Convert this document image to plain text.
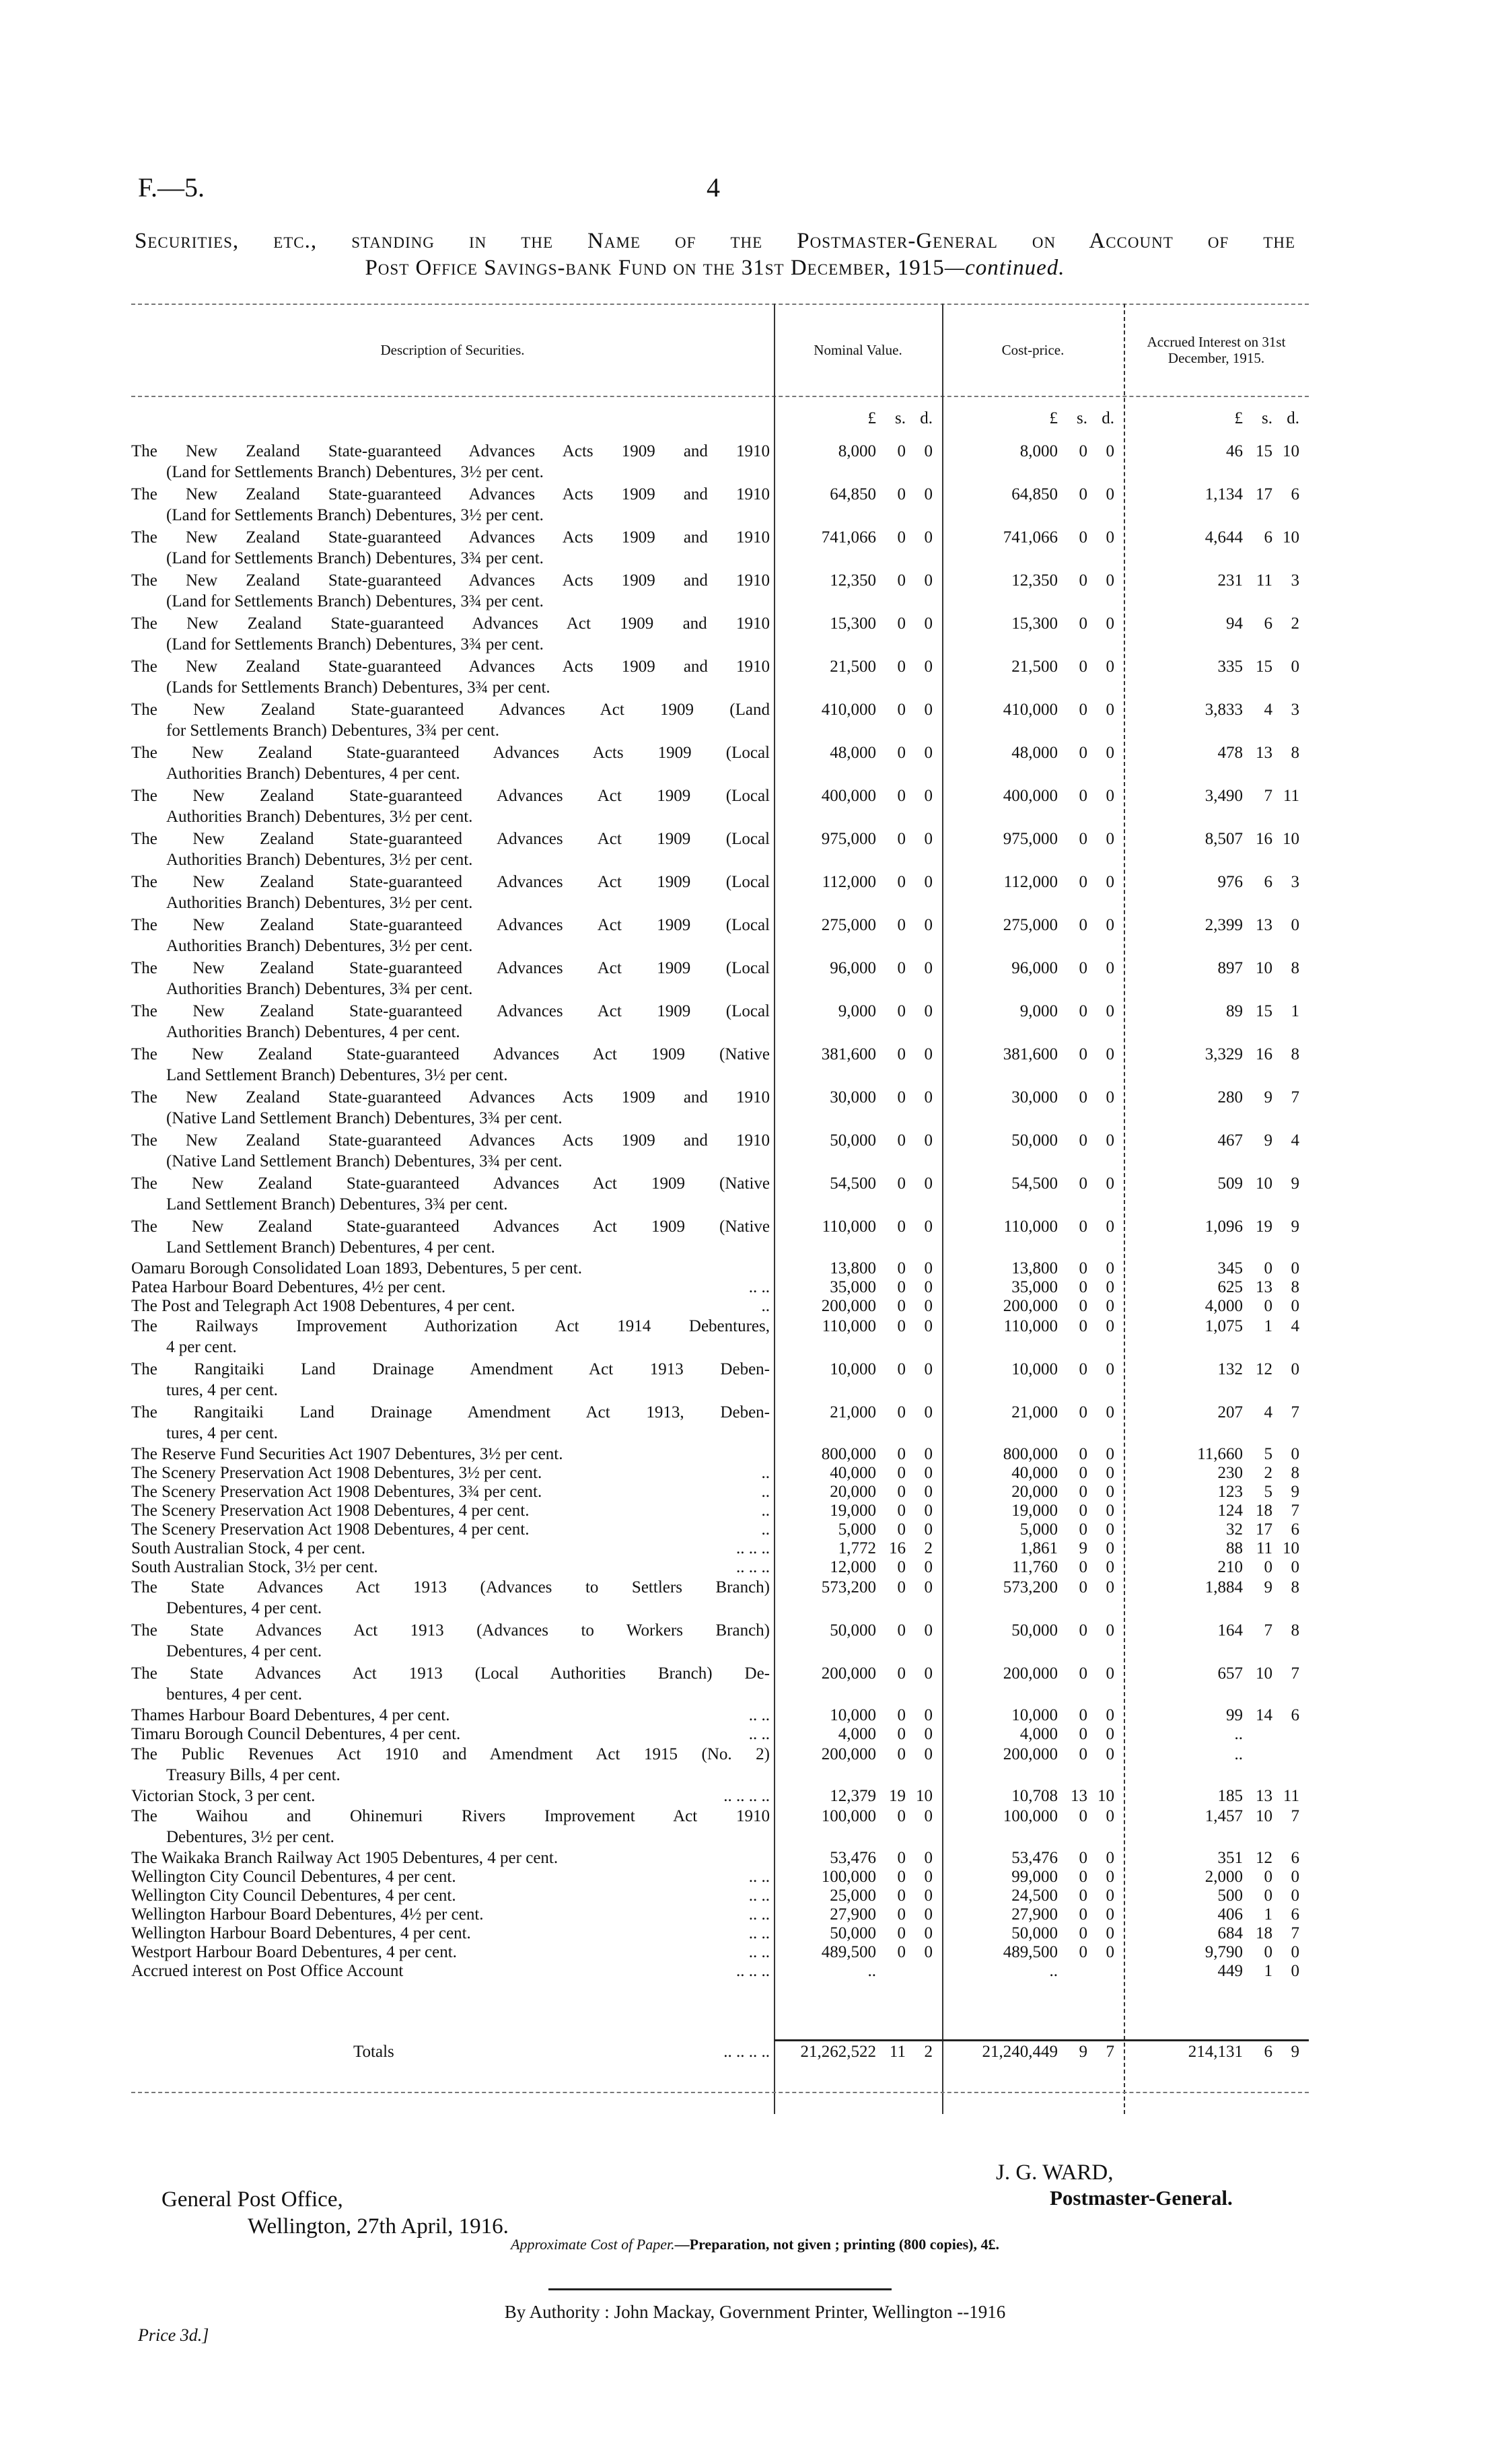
F.—5.	4
Securities, etc., standing in the Name of the Postmaster-General on Account of the
Post Office Savings-bank Fund on the 31st December, 1915—continued.
Description of Securities.	Nominal Value.	Cost-price.	Accrued Interest on 31st December, 1915.
£	s. d.	£	s. d.	£	s. d.
The New Zealand State-guaranteed Advances Acts 1909 and 1910
(Land for Settlements Branch) Debentures, 3½ per cent.
8,000	0	0	8,000	0	0	46 15 10
The New Zealand State-guaranteed Advances Acts 1909 and 1910
(Land for Settlements Branch) Debentures, 3½ per cent.
64,850	0	0	64,850	0	0	1,134 17	6
The New Zealand State-guaranteed Advances Acts 1909 and 1910
(Land for Settlements Branch) Debentures, 3¾ per cent.
741,066	0	0	741,066	0	0	4,644	6 10
The New Zealand State-guaranteed Advances Acts 1909 and 1910
(Land for Settlements Branch) Debentures, 3¾ per cent.
12,350	0	0	12,350	0	0	231 11	3
The New Zealand State-guaranteed Advances Act 1909 and 1910
(Land for Settlements Branch) Debentures, 3¾ per cent.
15,300	0	0	15,300	0	0	94	6	2
The New Zealand State-guaranteed Advances Acts 1909 and 1910
(Lands for Settlements Branch) Debentures, 3¾ per cent.
21,500	0	0	21,500	0	0	335 15	0
The New Zealand State-guaranteed Advances Act 1909 (Land
for Settlements Branch) Debentures, 3¾ per cent.
410,000	0	0	410,000	0	0	3,833	4	3
The New Zealand State-guaranteed Advances Acts 1909 (Local
Authorities Branch) Debentures, 4 per cent.
48,000	0	0	48,000	0	0	478 13	8
The New Zealand State-guaranteed Advances Act 1909 (Local
Authorities Branch) Debentures, 3½ per cent.
400,000	0	0	400,000	0	0	3,490	7 11
The New Zealand State-guaranteed Advances Act 1909 (Local
Authorities Branch) Debentures, 3½ per cent.
975,000	0	0	975,000	0	0	8,507 16 10
The New Zealand State-guaranteed Advances Act 1909 (Local
Authorities Branch) Debentures, 3½ per cent.
112,000	0	0	112,000	0	0	976	6	3
The New Zealand State-guaranteed Advances Act 1909 (Local
Authorities Branch) Debentures, 3½ per cent.
275,000	0	0	275,000	0	0	2,399 13	0
The New Zealand State-guaranteed Advances Act 1909 (Local
Authorities Branch) Debentures, 3¾ per cent.
96,000	0	0	96,000	0	0	897 10	8
The New Zealand State-guaranteed Advances Act 1909 (Local
Authorities Branch) Debentures, 4 per cent.
9,000	0	0	9,000	0	0	89 15	1
The New Zealand State-guaranteed Advances Act 1909 (Native
Land Settlement Branch) Debentures, 3½ per cent.
381,600	0	0	381,600	0	0	3,329 16	8
The New Zealand State-guaranteed Advances Acts 1909 and 1910
(Native Land Settlement Branch) Debentures, 3¾ per cent.
30,000	0	0	30,000	0	0	280	9	7
The New Zealand State-guaranteed Advances Acts 1909 and 1910
(Native Land Settlement Branch) Debentures, 3¾ per cent.
50,000	0	0	50,000	0	0	467	9	4
The New Zealand State-guaranteed Advances Act 1909 (Native
Land Settlement Branch) Debentures, 3¾ per cent.
54,500	0	0	54,500	0	0	509 10	9
The New Zealand State-guaranteed Advances Act 1909 (Native
Land Settlement Branch) Debentures, 4 per cent.
110,000	0	0	110,000	0	0	1,096 19	9
Oamaru Borough Consolidated Loan 1893, Debentures, 5 per cent.	13,800	0	0	13,800	0	0	345	0	0
Patea Harbour Board Debentures, 4½ per cent.	.. ..	35,000	0	0	35,000	0	0	625 13	8
The Post and Telegraph Act 1908 Debentures, 4 per cent.	..	200,000	0	0	200,000	0	0	4,000	0	0
The Railways Improvement Authorization Act 1914 Debentures,
4 per cent.
110,000	0	0	110,000	0	0	1,075	1	4
The Rangitaiki Land Drainage Amendment Act 1913 Deben-
tures, 4 per cent.
10,000	0	0	10,000	0	0	132 12	0
The Rangitaiki Land Drainage Amendment Act 1913, Deben-
tures, 4 per cent.
21,000	0	0	21,000	0	0	207	4	7
The Reserve Fund Securities Act 1907 Debentures, 3½ per cent.	800,000	0	0	800,000	0	0	11,660	5	0
The Scenery Preservation Act 1908 Debentures, 3½ per cent.	..	40,000	0	0	40,000	0	0	230	2	8
The Scenery Preservation Act 1908 Debentures, 3¾ per cent.	..	20,000	0	0	20,000	0	0	123	5	9
The Scenery Preservation Act 1908 Debentures, 4 per cent.	..	19,000	0	0	19,000	0	0	124 18	7
The Scenery Preservation Act 1908 Debentures, 4 per cent.	..	5,000	0	0	5,000	0	0	32 17	6
South Australian Stock, 4 per cent.	.. .. ..	1,772 16	2	1,861	9	0	88 11 10
South Australian Stock, 3½ per cent.	.. .. ..	12,000	0	0	11,760	0	0	210	0	0
The State Advances Act 1913 (Advances to Settlers Branch)
Debentures, 4 per cent.
573,200	0	0	573,200	0	0	1,884	9	8
The State Advances Act 1913 (Advances to Workers Branch)
Debentures, 4 per cent.
50,000	0	0	50,000	0	0	164	7	8
The State Advances Act 1913 (Local Authorities Branch) De-
bentures, 4 per cent.
200,000	0	0	200,000	0	0	657 10	7
Thames Harbour Board Debentures, 4 per cent.	.. ..	10,000	0	0	10,000	0	0	99 14	6
Timaru Borough Council Debentures, 4 per cent.	.. ..	4,000	0	0	4,000	0	0	..
The Public Revenues Act 1910 and Amendment Act 1915 (No. 2)
Treasury Bills, 4 per cent.
200,000	0	0	200,000	0	0	..
Victorian Stock, 3 per cent.	.. .. .. ..	12,379 19 10	10,708 13 10	185 13 11
The Waihou and Ohinemuri Rivers Improvement Act 1910
Debentures, 3½ per cent.
100,000	0	0	100,000	0	0	1,457 10	7
The Waikaka Branch Railway Act 1905 Debentures, 4 per cent.	53,476	0	0	53,476	0	0	351 12	6
Wellington City Council Debentures, 4 per cent.	.. ..	100,000	0	0	99,000	0	0	2,000	0	0
Wellington City Council Debentures, 4 per cent.	.. ..	25,000	0	0	24,500	0	0	500	0	0
Wellington Harbour Board Debentures, 4½ per cent.	.. ..	27,900	0	0	27,900	0	0	406	1	6
Wellington Harbour Board Debentures, 4 per cent.	.. ..	50,000	0	0	50,000	0	0	684 18	7
Westport Harbour Board Debentures, 4 per cent.	.. ..	489,500	0	0	489,500	0	0	9,790	0	0
Accrued interest on Post Office Account	.. .. ..	..	..	449	1	0
Totals	.. .. .. ..	21,262,522 11	2	21,240,449	9	7	214,131	6	9
J. G. WARD,
Postmaster-General.
General Post Office,
Wellington, 27th April, 1916.
Approximate Cost of Paper.—Preparation, not given ; printing (800 copies), 4£.
By Authority : John Mackay, Government Printer, Wellington --1916
Price 3d.]
